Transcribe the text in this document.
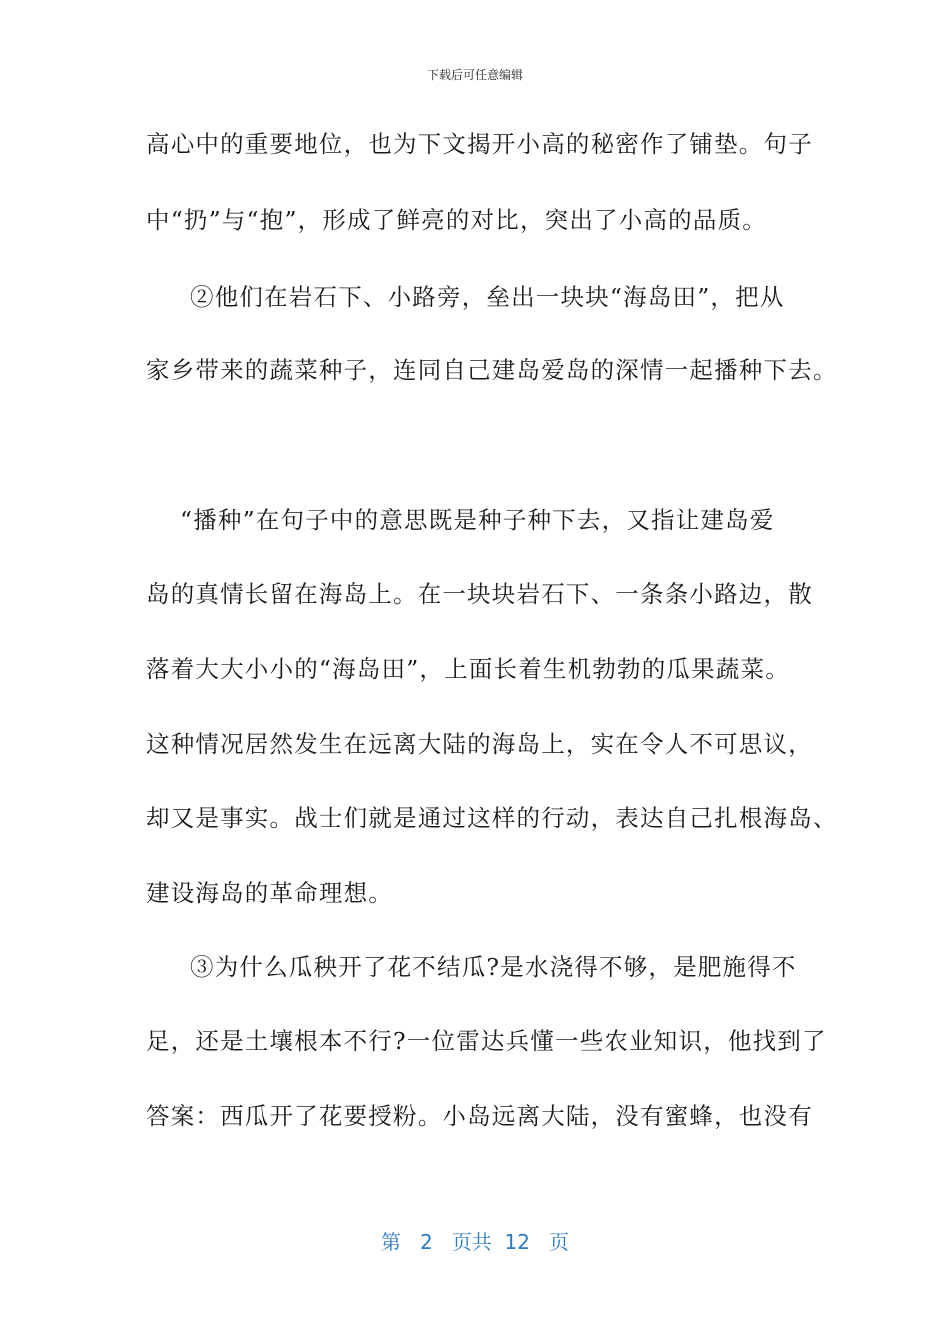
下载后可任意编辑

高心中的重要地位，也为下文揭开小高的秘密作了铺垫。句子

中“扔”与“抱”，形成了鲜亮的对比，突出了小高的品质。

②他们在岩石下、小路旁，垒出一块块“海岛田”，把从

家乡带来的蔬菜种子，连同自己建岛爱岛的深情一起播种下去。

“播种”在句子中的意思既是种子种下去，又指让建岛爱

岛的真情长留在海岛上。在一块块岩石下、一条条小路边，散

落着大大小小的“海岛田”，上面长着生机勃勃的瓜果蔬菜。

这种情况居然发生在远离大陆的海岛上，实在令人不可思议，

却又是事实。战士们就是通过这样的行动，表达自己扎根海岛、

建设海岛的革命理想。

③为什么瓜秧开了花不结瓜?是水浇得不够，是肥施得不

足，还是土壤根本不行?一位雷达兵懂一些农业知识，他找到了

答案：西瓜开了花要授粉。小岛远离大陆，没有蜜蜂，也没有

第 2 页共 12 页
